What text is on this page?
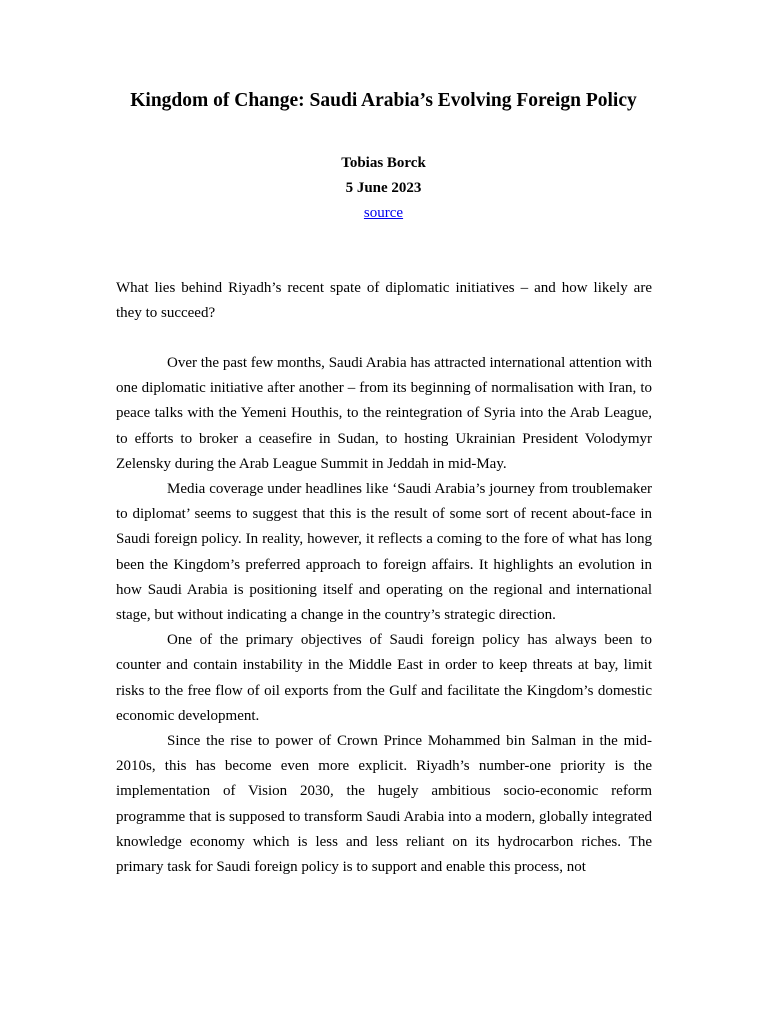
Kingdom of Change: Saudi Arabia’s Evolving Foreign Policy
Tobias Borck
5 June 2023
source

What lies behind Riyadh’s recent spate of diplomatic initiatives – and how likely are they to succeed?

Over the past few months, Saudi Arabia has attracted international attention with one diplomatic initiative after another – from its beginning of normalisation with Iran, to peace talks with the Yemeni Houthis, to the reintegration of Syria into the Arab League, to efforts to broker a ceasefire in Sudan, to hosting Ukrainian President Volodymyr Zelensky during the Arab League Summit in Jeddah in mid-May.

Media coverage under headlines like ‘Saudi Arabia’s journey from troublemaker to diplomat’ seems to suggest that this is the result of some sort of recent about-face in Saudi foreign policy. In reality, however, it reflects a coming to the fore of what has long been the Kingdom’s preferred approach to foreign affairs. It highlights an evolution in how Saudi Arabia is positioning itself and operating on the regional and international stage, but without indicating a change in the country’s strategic direction.

One of the primary objectives of Saudi foreign policy has always been to counter and contain instability in the Middle East in order to keep threats at bay, limit risks to the free flow of oil exports from the Gulf and facilitate the Kingdom’s domestic economic development.

Since the rise to power of Crown Prince Mohammed bin Salman in the mid-2010s, this has become even more explicit. Riyadh’s number-one priority is the implementation of Vision 2030, the hugely ambitious socio-economic reform programme that is supposed to transform Saudi Arabia into a modern, globally integrated knowledge economy which is less and less reliant on its hydrocarbon riches. The primary task for Saudi foreign policy is to support and enable this process, not
